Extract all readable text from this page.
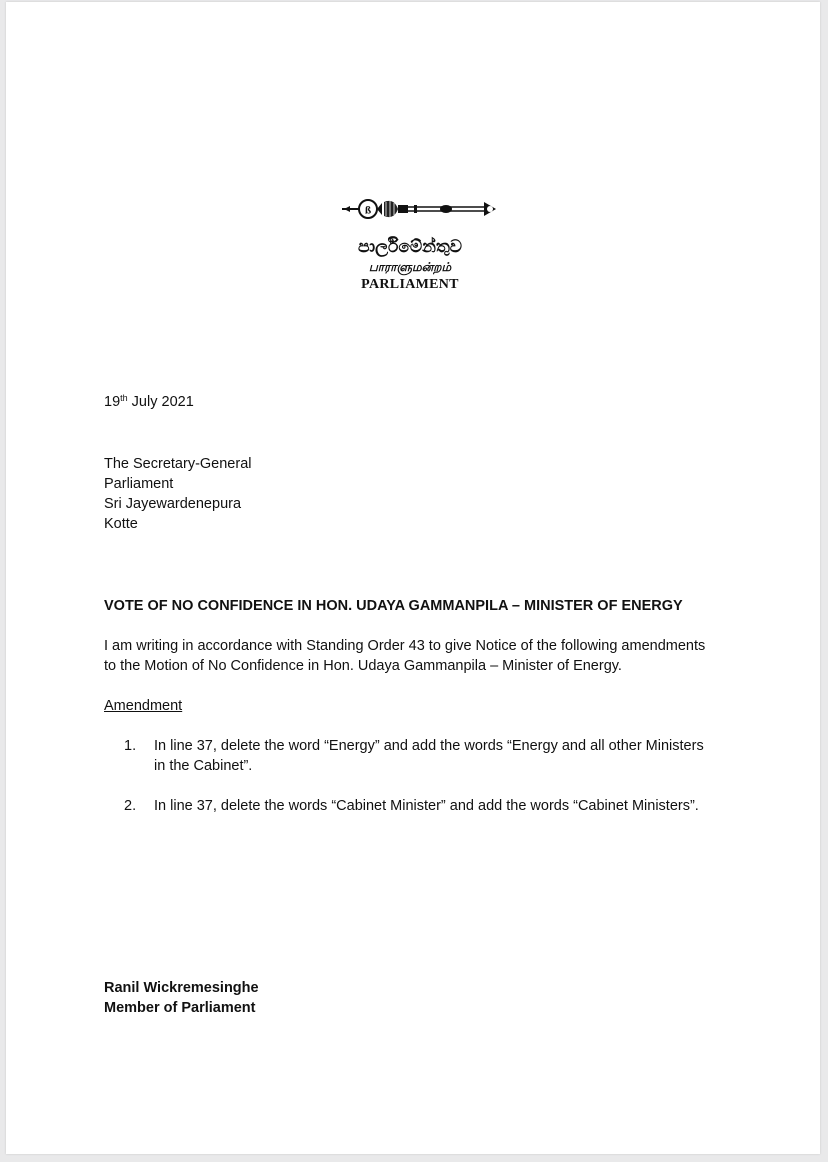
ß
පාර්ලිමේන්තුව
பாராளுமன்றம்
PARLIAMENT
19th July 2021
The Secretary-General
Parliament
Sri Jayewardenepura
Kotte
VOTE OF NO CONFIDENCE IN HON. UDAYA GAMMANPILA – MINISTER OF ENERGY
I am writing in accordance with Standing Order 43 to give Notice of the following amendments
to the Motion of No Confidence in Hon. Udaya Gammanpila – Minister of Energy.
Amendment
1.	In line 37, delete the word “Energy” and add the words “Energy and all other Ministers
in the Cabinet”.
2.	In line 37, delete the words “Cabinet Minister” and add the words “Cabinet Ministers”.
Ranil Wickremesinghe
Member of Parliament
